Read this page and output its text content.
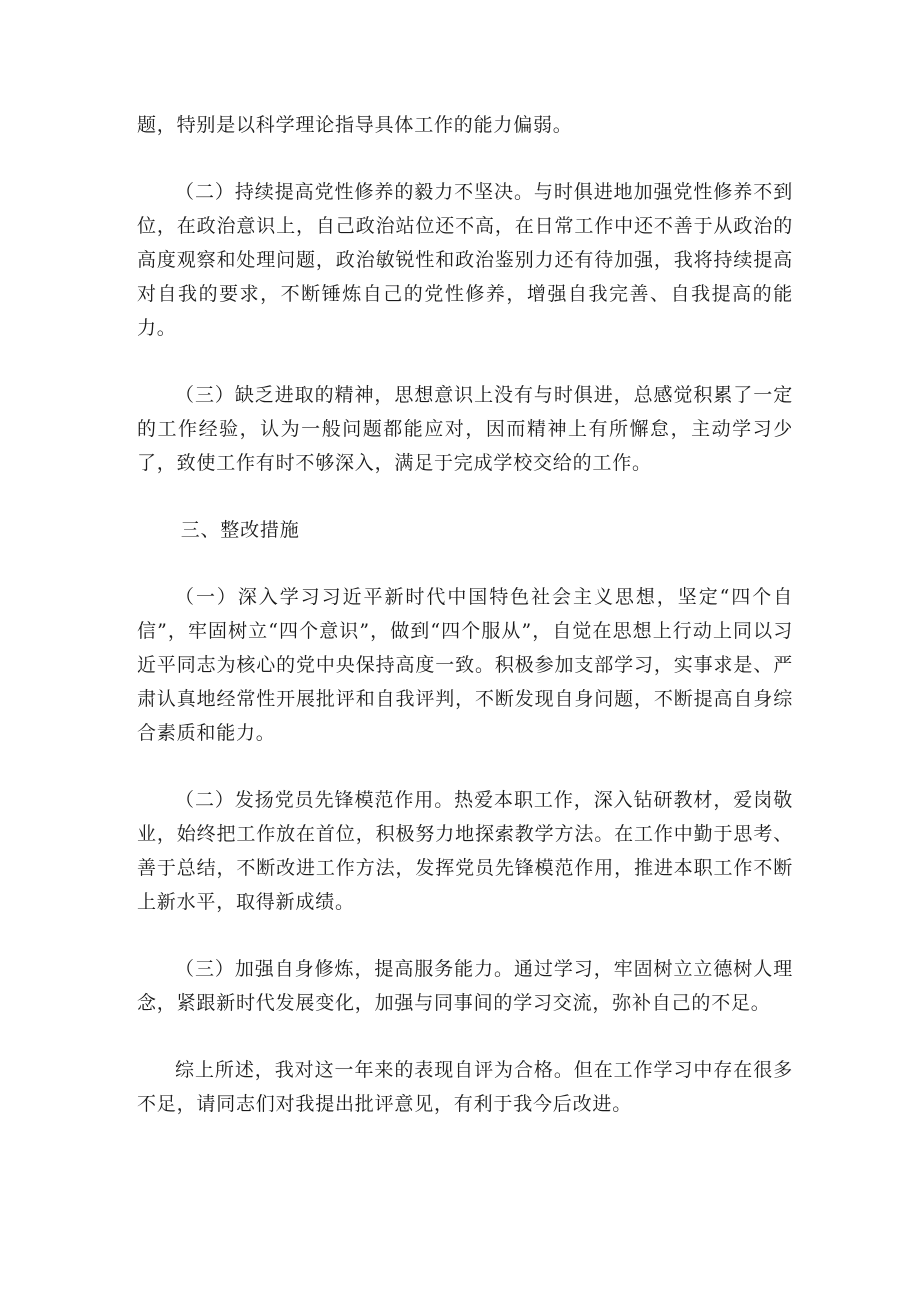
题，特别是以科学理论指导具体工作的能力偏弱。

（二）持续提高党性修养的毅力不坚决。与时俱进地加强党性修养不到位，在政治意识上，自己政治站位还不高，在日常工作中还不善于从政治的高度观察和处理问题，政治敏锐性和政治鉴别力还有待加强，我将持续提高对自我的要求，不断锤炼自己的党性修养，增强自我完善、自我提高的能力。

（三）缺乏进取的精神，思想意识上没有与时俱进，总感觉积累了一定的工作经验，认为一般问题都能应对，因而精神上有所懈怠，主动学习少了，致使工作有时不够深入，满足于完成学校交给的工作。

三、整改措施

（一）深入学习习近平新时代中国特色社会主义思想，坚定“四个自信”，牢固树立“四个意识”，做到“四个服从”，自觉在思想上行动上同以习近平同志为核心的党中央保持高度一致。积极参加支部学习，实事求是、严肃认真地经常性开展批评和自我评判，不断发现自身问题，不断提高自身综合素质和能力。

（二）发扬党员先锋模范作用。热爱本职工作，深入钻研教材，爱岗敬业，始终把工作放在首位，积极努力地探索教学方法。在工作中勤于思考、善于总结，不断改进工作方法，发挥党员先锋模范作用，推进本职工作不断上新水平，取得新成绩。

（三）加强自身修炼，提高服务能力。通过学习，牢固树立立德树人理念，紧跟新时代发展变化，加强与同事间的学习交流，弥补自己的不足。

综上所述，我对这一年来的表现自评为合格。但在工作学习中存在很多不足，请同志们对我提出批评意见，有利于我今后改进。
